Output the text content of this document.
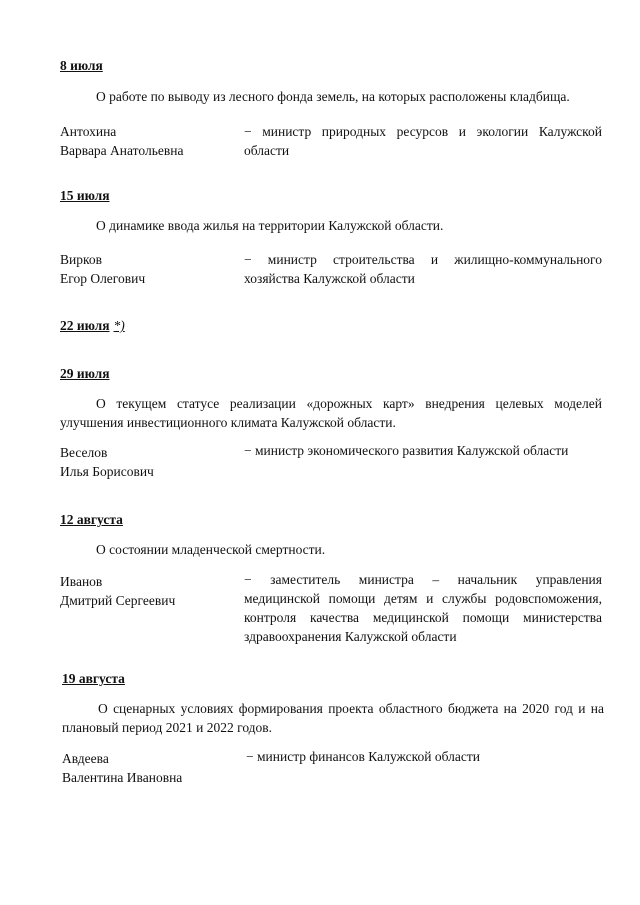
8 июля
О работе по выводу из лесного фонда земель, на которых расположены кладбища.
Антохина
Варвара Анатольевна
− министр природных ресурсов и экологии Калужской области
15 июля
О динамике ввода жилья на территории Калужской области.
Вирков
Егор Олегович
− министр строительства и жилищно-коммунального хозяйства Калужской области
22 июля *)
29 июля
О текущем статусе реализации «дорожных карт» внедрения целевых моделей улучшения инвестиционного климата Калужской области.
Веселов
Илья Борисович
− министр экономического развития Калужской области
12 августа
О состоянии младенческой смертности.
Иванов
Дмитрий Сергеевич
− заместитель министра – начальник управления медицинской помощи детям и службы родовспоможения, контроля качества медицинской помощи министерства здравоохранения Калужской области
19 августа
О сценарных условиях формирования проекта областного бюджета на 2020 год и на плановый период 2021 и 2022 годов.
Авдеева
Валентина Ивановна
− министр финансов Калужской области
